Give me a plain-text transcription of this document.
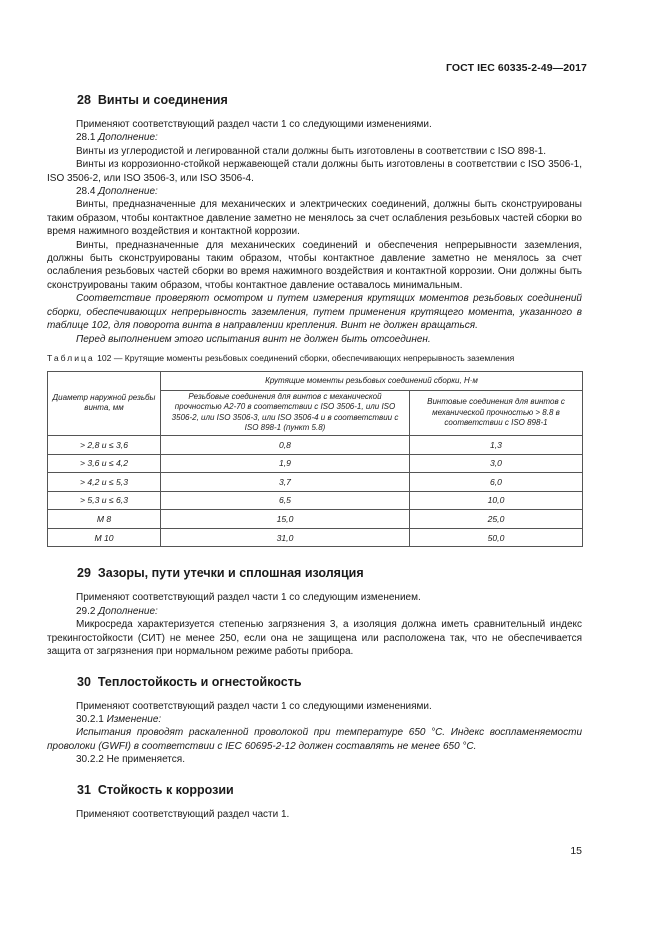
ГОСТ IEC 60335-2-49—2017
28 Винты и соединения

Применяют соответствующий раздел части 1 со следующими изменениями.

28.1 Дополнение:

Винты из углеродистой и легированной стали должны быть изготовлены в соответствии с ISO 898-1.

Винты из коррозионно-стойкой нержавеющей стали должны быть изготовлены в соответствии с ISO 3506-1, ISO 3506-2, или ISO 3506-3, или ISO 3506-4.

28.4 Дополнение:

Винты, предназначенные для механических и электрических соединений, должны быть сконструированы таким образом, чтобы контактное давление заметно не менялось за счет ослабления резьбовых частей сборки во время нажимного воздействия и контактной коррозии.

Винты, предназначенные для механических соединений и обеспечения непрерывности заземления, должны быть сконструированы таким образом, чтобы контактное давление заметно не менялось за счет ослабления резьбовых частей сборки во время нажимного воздействия и контактной коррозии. Они должны быть сконструированы таким образом, чтобы контактное давление оставалось минимальным.

Соответствие проверяют осмотром и путем измерения крутящих моментов резьбовых соединений сборки, обеспечивающих непрерывность заземления, путем применения крутящего момента, указанного в таблице 102, для поворота винта в направлении крепления. Винт не должен вращаться.

Перед выполнением этого испытания винт не должен быть отсоединен.

Таблица 102 — Крутящие моменты резьбовых соединений сборки, обеспечивающих непрерывность заземления
Диаметр наружной резьбы винта, мм	Крутящие моменты резьбовых соединений сборки, Н·м	
	Резьбовые соединения для винтов с механической прочностью А2-70 в соответствии с ISO 3506-1, или ISO 3506-2, или ISO 3506-3, или ISO 3506-4 и в соответствии с ISO 898-1 (пункт 5.8)	Винтовые соединения для винтов с механической прочностью > 8.8 в соответствии с ISO 898-1
> 2,8 и ≤ 3,6	0,8	1,3
> 3,6 и ≤ 4,2	1,9	3,0
> 4,2 и ≤ 5,3	3,7	6,0
> 5,3 и ≤ 6,3	6,5	10,0
М 8	15,0	25,0
М 10	31,0	50,0
29 Зазоры, пути утечки и сплошная изоляция

Применяют соответствующий раздел части 1 со следующим изменением.

29.2 Дополнение:

Микросреда характеризуется степенью загрязнения 3, а изоляция должна иметь сравнительный индекс трекингостойкости (СИТ) не менее 250, если она не защищена или расположена так, что не обеспечивается защита от загрязнения при нормальном режиме работы прибора.

30 Теплостойкость и огнестойкость

Применяют соответствующий раздел части 1 со следующими изменениями.

30.2.1 Изменение:

Испытания проводят раскаленной проволокой при температуре 650 °С. Индекс воспламеняемости проволоки (GWFI) в соответствии с IEC 60695-2-12 должен составлять не менее 650 °С.

30.2.2 Не применяется.

31 Стойкость к коррозии

Применяют соответствующий раздел части 1.

15
